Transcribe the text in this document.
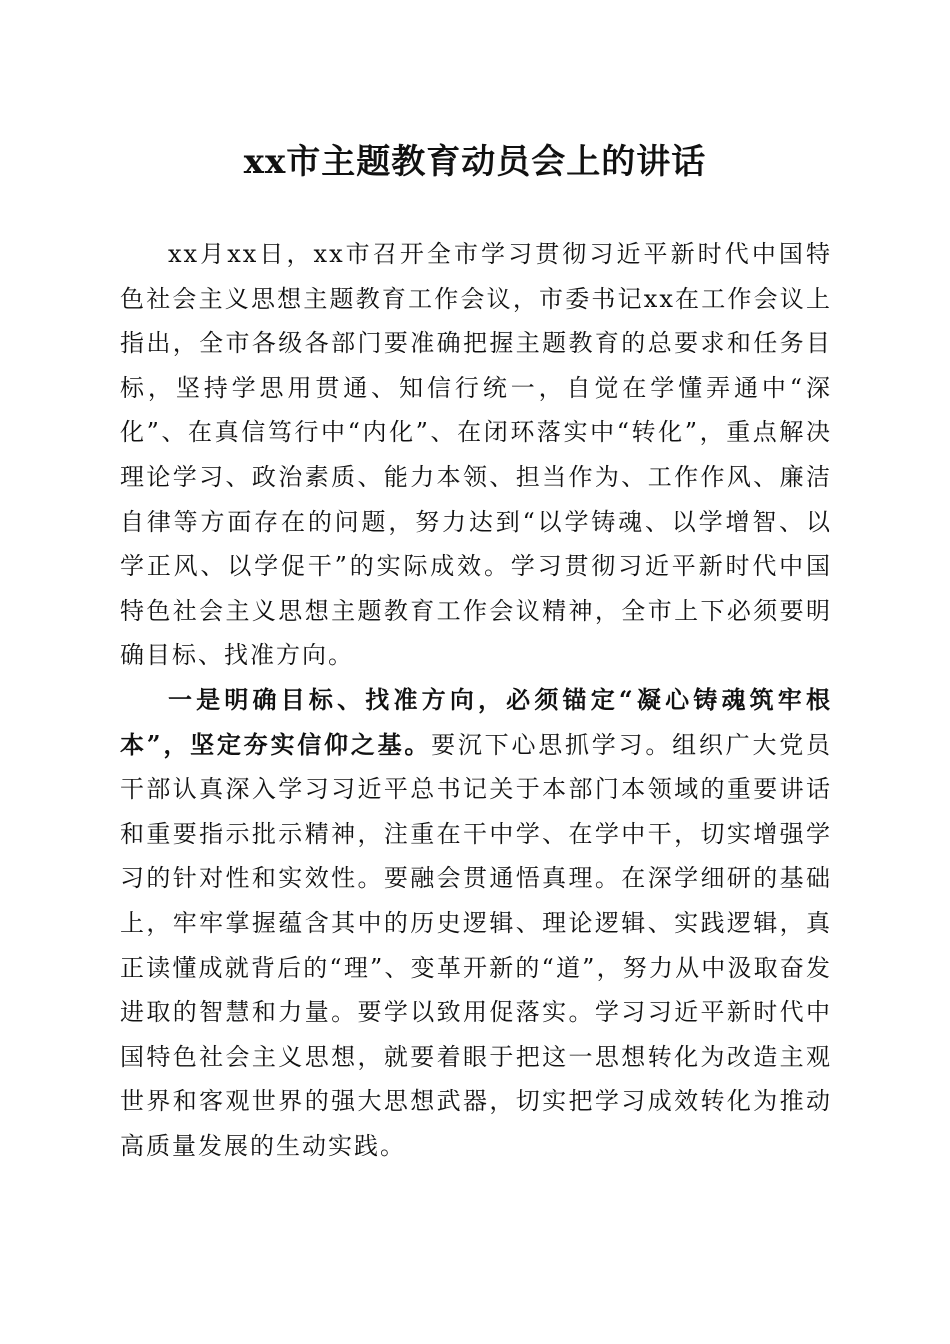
xx市主题教育动员会上的讲话

xx月xx日，xx市召开全市学习贯彻习近平新时代中国特色社会主义思想主题教育工作会议，市委书记xx在工作会议上指出，全市各级各部门要准确把握主题教育的总要求和任务目标，坚持学思用贯通、知信行统一，自觉在学懂弄通中“深化”、在真信笃行中“内化”、在闭环落实中“转化”，重点解决理论学习、政治素质、能力本领、担当作为、工作作风、廉洁自律等方面存在的问题，努力达到“以学铸魂、以学增智、以学正风、以学促干”的实际成效。学习贯彻习近平新时代中国特色社会主义思想主题教育工作会议精神，全市上下必须要明确目标、找准方向。

一是明确目标、找准方向，必须锚定“凝心铸魂筑牢根本”，坚定夯实信仰之基。要沉下心思抓学习。组织广大党员干部认真深入学习习近平总书记关于本部门本领域的重要讲话和重要指示批示精神，注重在干中学、在学中干，切实增强学习的针对性和实效性。要融会贯通悟真理。在深学细研的基础上，牢牢掌握蕴含其中的历史逻辑、理论逻辑、实践逻辑，真正读懂成就背后的“理”、变革开新的“道”，努力从中汲取奋发进取的智慧和力量。要学以致用促落实。学习习近平新时代中国特色社会主义思想，就要着眼于把这一思想转化为改造主观世界和客观世界的强大思想武器，切实把学习成效转化为推动高质量发展的生动实践。
